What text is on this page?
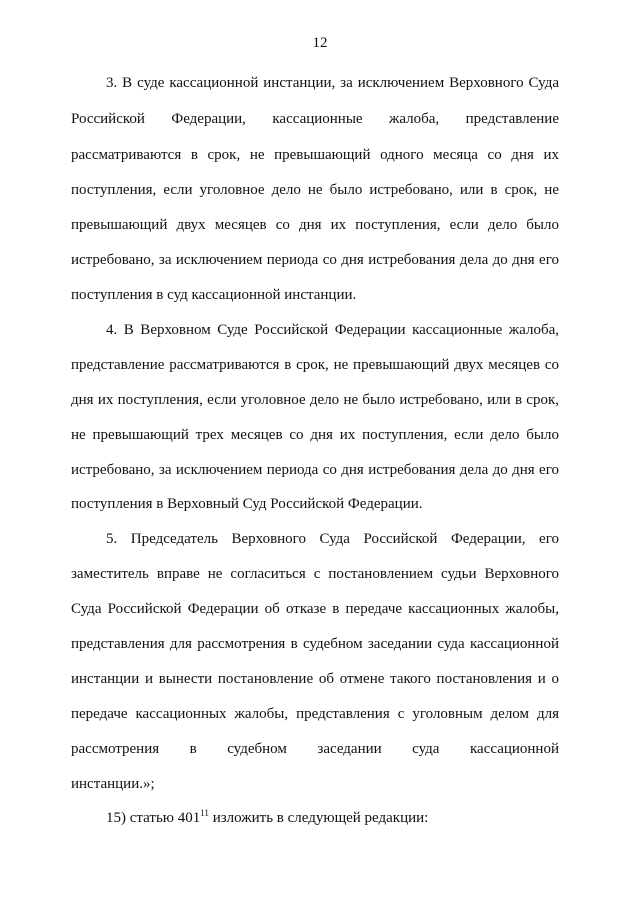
12
3. В суде кассационной инстанции, за исключением Верховного Суда
Российской Федерации, кассационные жалоба, представление
рассматриваются в срок, не превышающий одного месяца со дня их
поступления, если уголовное дело не было истребовано, или в срок, не
превышающий двух месяцев со дня их поступления, если дело было
истребовано, за исключением периода со дня истребования дела до дня его
поступления в суд кассационной инстанции.
4. В Верховном Суде Российской Федерации кассационные жалоба,
представление рассматриваются в срок, не превышающий двух месяцев со
дня их поступления, если уголовное дело не было истребовано, или в срок,
не превышающий трех месяцев со дня их поступления, если дело было
истребовано, за исключением периода со дня истребования дела до дня его
поступления в Верховный Суд Российской Федерации.
5. Председатель Верховного Суда Российской Федерации, его
заместитель вправе не согласиться с постановлением судьи Верховного
Суда Российской Федерации об отказе в передаче кассационных жалобы,
представления для рассмотрения в судебном заседании суда кассационной
инстанции и вынести постановление об отмене такого постановления и о
передаче кассационных жалобы, представления с уголовным делом для
рассмотрения в судебном заседании суда кассационной
инстанции.»;
15) статью $401^{11}$ изложить в следующей редакции:
